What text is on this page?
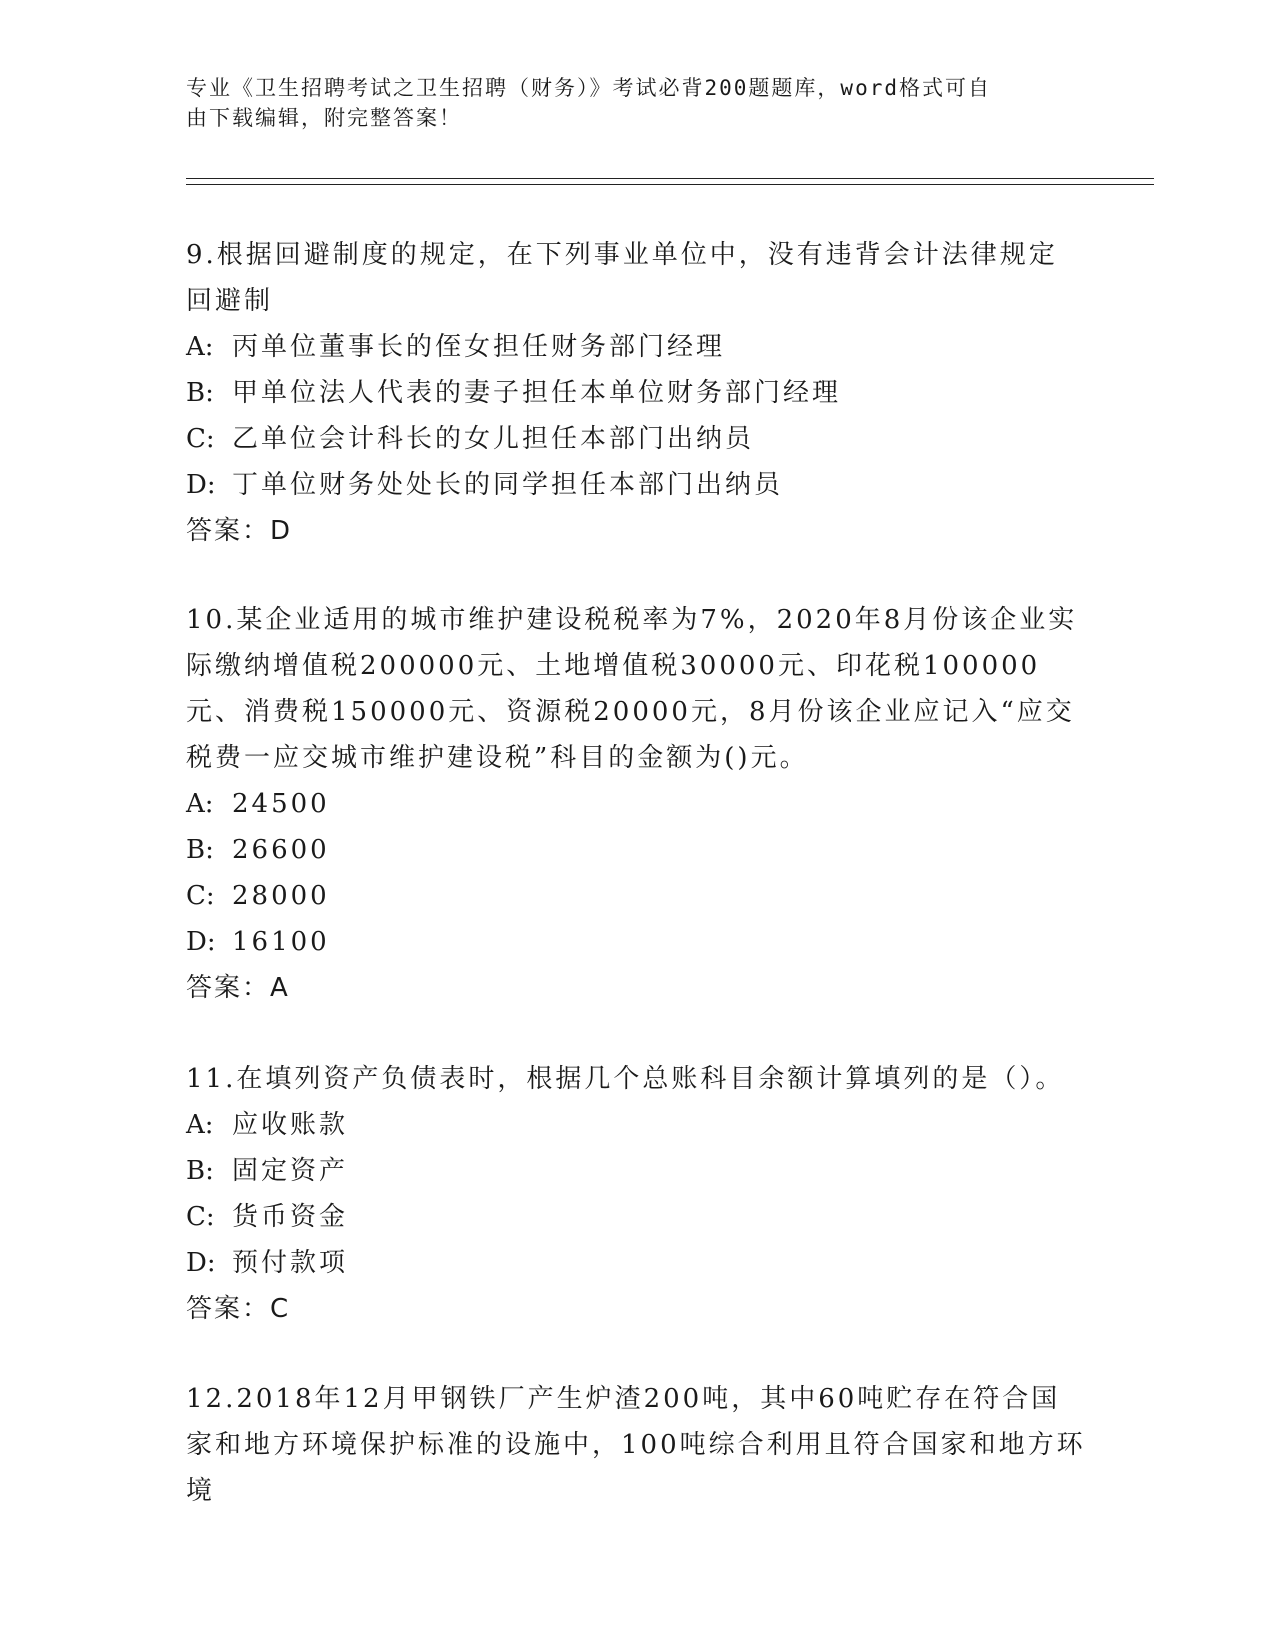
专业《卫生招聘考试之卫生招聘（财务）》考试必背200题题库，word格式可自
由下载编辑，附完整答案！

9.根据回避制度的规定，在下列事业单位中，没有违背会计法律规定回避制

A: 丙单位董事长的侄女担任财务部门经理
B: 甲单位法人代表的妻子担任本单位财务部门经理
C: 乙单位会计科长的女儿担任本部门出纳员
D: 丁单位财务处处长的同学担任本部门出纳员
答案：D

10.某企业适用的城市维护建设税税率为7%，2020年8月份该企业实际缴纳增值税200000元、土地增值税30000元、印花税100000元、消费税150000元、资源税20000元，8月份该企业应记入“应交税费一应交城市维护建设税”科目的金额为()元。

A: 24500
B: 26600
C: 28000
D: 16100
答案：A

11.在填列资产负债表时，根据几个总账科目余额计算填列的是（）。

A: 应收账款
B: 固定资产
C: 货币资金
D: 预付款项
答案：C

12.2018年12月甲钢铁厂产生炉渣200吨，其中60吨贮存在符合国家和地方环境保护标准的设施中，100吨综合利用且符合国家和地方环境
